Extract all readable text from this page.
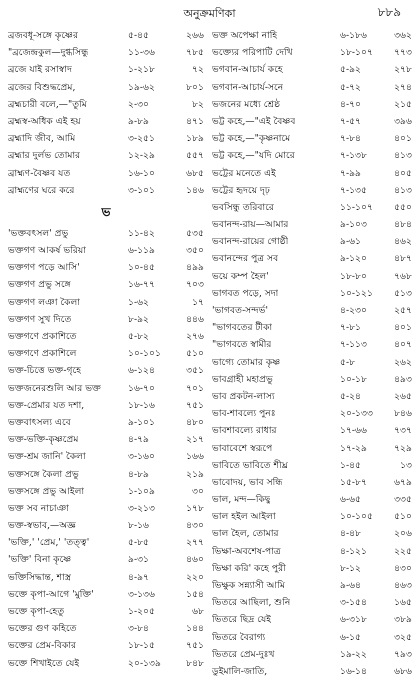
অনুক্রমণিকা	৮৮৯
ব্রজবধূ-সঙ্গে কৃষ্ণের	৫-৪৫	২৬৬
"ব্রজেন্দ্রকুল—দুগ্ধসিন্ধু	১১-৩৬	৭৮৫
ব্রজে যাই রসাস্বাদ	১-২১৮	৭২
ব্রজের বিশুদ্ধপ্রেম,	১৯-৬২	৮০১
ব্রহ্মচারী বলে,—"তুমি	২-৩০	৮২
ব্রহ্মস্ব-অধিক এই হয়	৯-৮৯	৪৭১
ব্রহ্মাদি জীব, আমি	৩-২৫১	১৮৯
ব্রহ্মার দুর্লভ তোমার	১২-২৯	৫৫৭
ব্রাহ্মণ-বৈষ্ণব যত	১৬-১০	৬৮৫
ব্রাহ্মণের ঘরে করে	৩-১০১	১৪৬
ভ
'ভক্তবৎসল' প্রভু	১১-৪২	৫৩৫
ভক্তগণ আকর্ষ ভরিয়া	৬-১১৯	৩৫০
ভক্তগণ পড়ে আসি'	১০-৪৫	৪৯৯
ভক্তগণ প্রভু সঙ্গে	১৬-৭৭	৭০৩
ভক্তগণ লঞা কৈলা	১-৬২	১৭
ভক্তগণ সুখ দিতে	৮-৯২	৪৪৬
ভক্তগণে প্রকাশিতে	৫-৮২	২৭৬
ভক্তগণে প্রকাশিলে	১০-১০১	৫১০
ভক্ত-চিত্তে ভক্ত-গৃহে	৬-১২৪	৩৫১
ভক্তজনেরশুলি আর ভক্ত	১৬-৭০	৭০১
ভক্ত-প্রেমার যত দশা,	১৮-১৬	৭৫১
ভক্তবাৎসল্য এবে	৯-১০১	৪৮০
ভক্ত-ভক্তি-কৃষ্ণপ্রেম	৪-৭৯	২১৭
ভক্ত-শ্রম জানি' কৈলা	৩-১৬০	১৬৬
ভক্তসঙ্গে কৈলা প্রভু	৪-৮৯	২১৯
ভক্তসঙ্গে প্রভু আইলা	১-১০৯	৩০
ভক্ত সব নাচাঞা	৩-২১৩	১৭৮
ভক্ত-স্বভাব,—অজ্ঞ	৮-১৬	৪৩০
'ভক্তি,' 'প্রেম,' 'তত্ত্ব'	৫-৮৫	২৭৭
'ভক্তি' বিনা কৃষ্ণে	৯-৩১	৪৬০
ভক্তিসিদ্ধান্ত, শাস্ত্র	৪-৯৭	২২০
ভক্তে কৃপা-আগে 'মুক্তি'	৩-১৩৬	১৫৪
ভক্তে কৃপা-হেতু	১-২০৫	৬৮
ভক্তের গুণ কহিতে	৩-৮৪	১৪৪
ভক্তের প্রেম-বিকার	১৮-১৫	৭৫১
ভক্তে শিখাইতে যেই	২০-১৩৯	৮৪৮
ভক্ত অপেক্ষা নাহি	৬-১৮৬	৩৬২
ভক্ত্যের পরিপাটি দেখি	১৮-১০৭	৭৭৩
ভগবান-আচার্য কহে	৫-৯২	২৭৮
ভগবান-আচার্য-সনে	৫-৭২	২৭৪
ভজনের মধ্যে শ্রেষ্ঠ	৪-৭০	২১৫
ভট্ট কহে,—"এই বৈষ্ণব	৭-৫৭	৩৯৬
ভট্ট কহে,—"কৃষ্ণনামে	৭-৮৪	৪০১
ভট্ট কহে,—"যদি মোরে	৭-১৩৮	৪১৩
ভট্টের মনেতে এই	৭-৯৯	৪০৫
ভট্টের হৃদয়ে দৃঢ়	৭-১৩৫	৪১৩
ভবসিন্ধু তরিবারে	১১-১০৭	৫৫০
ভবানন্দ-রায়—আমার	৯-১০৩	৪৮৪
ভবানন্দ-রায়ের গোষ্ঠী	৯-৬১	৪৬২
ভবানন্দের পুত্র সব	৯-১২০	৪৮৭
ভয়ে কম্প হৈল'	১৮-৮০	৭৬৮
ভাগবত পড়ে, সদা	১০-১২১	৫১৩
'ভাগবত-সন্দর্ভ'	৪-২৩০	২৫৭
"ভাগবতের টীকা	৭-৮১	৪০১
"ভাগবতে স্বামীর	৭-১১৩	৪০৭
ভাগ্যে তোমার কৃষ্ণ	৫-৮	২৬২
ভাবগ্রাহী মহাপ্রভু	১০-১৮	৪৯৩
ভাব প্রকটন-লাস্য	৫-২৪	২৬৫
ভাব-শাবল্যে পুনঃ	২০-১৩৩	৮৪৬
ভাবশাবল্যে রাধার	১৭-৬৬	৭৩৭
ভাবাবেশে স্বরূপে	১৭-২৯	৭২৯
ভাবিতে ভাবিতে শীঘ্র	১-৪৫	১৩
ভাবোদয়, ভাব সন্ধি	১৫-৮৭	৬৭৯
ভাল, মন্দ—কিছু	৬-৬৫	৩৩৫
ভাল হইল আইলা	১০-১০৫	৫১০
ভাল হৈল, তোমার	৪-৪৮	২০৬
ভিক্ষা-অবশেষ-পাত্র	৪-১২১	২২৫
ভিক্ষা করি' কহে পুরী	৮-১২	৪৩০
ভিক্ষুক সন্ন্যাসী আমি	৯-৬৪	৪৬৩
ভিতরে আছিলা, শুনি	৩-১৫৪	১৬৫
ভিতরে ছিদ্র যেই	৬-৩১৮	৩৮৯
ভিতরে বৈরাগ্য	৬-১৫	৩২৫
ভিতরে প্রেম-দুঃখ	১৯-২২	৭৯৩
ডুইমালি-জাতি,	১৬-১৪	৬৮৬
